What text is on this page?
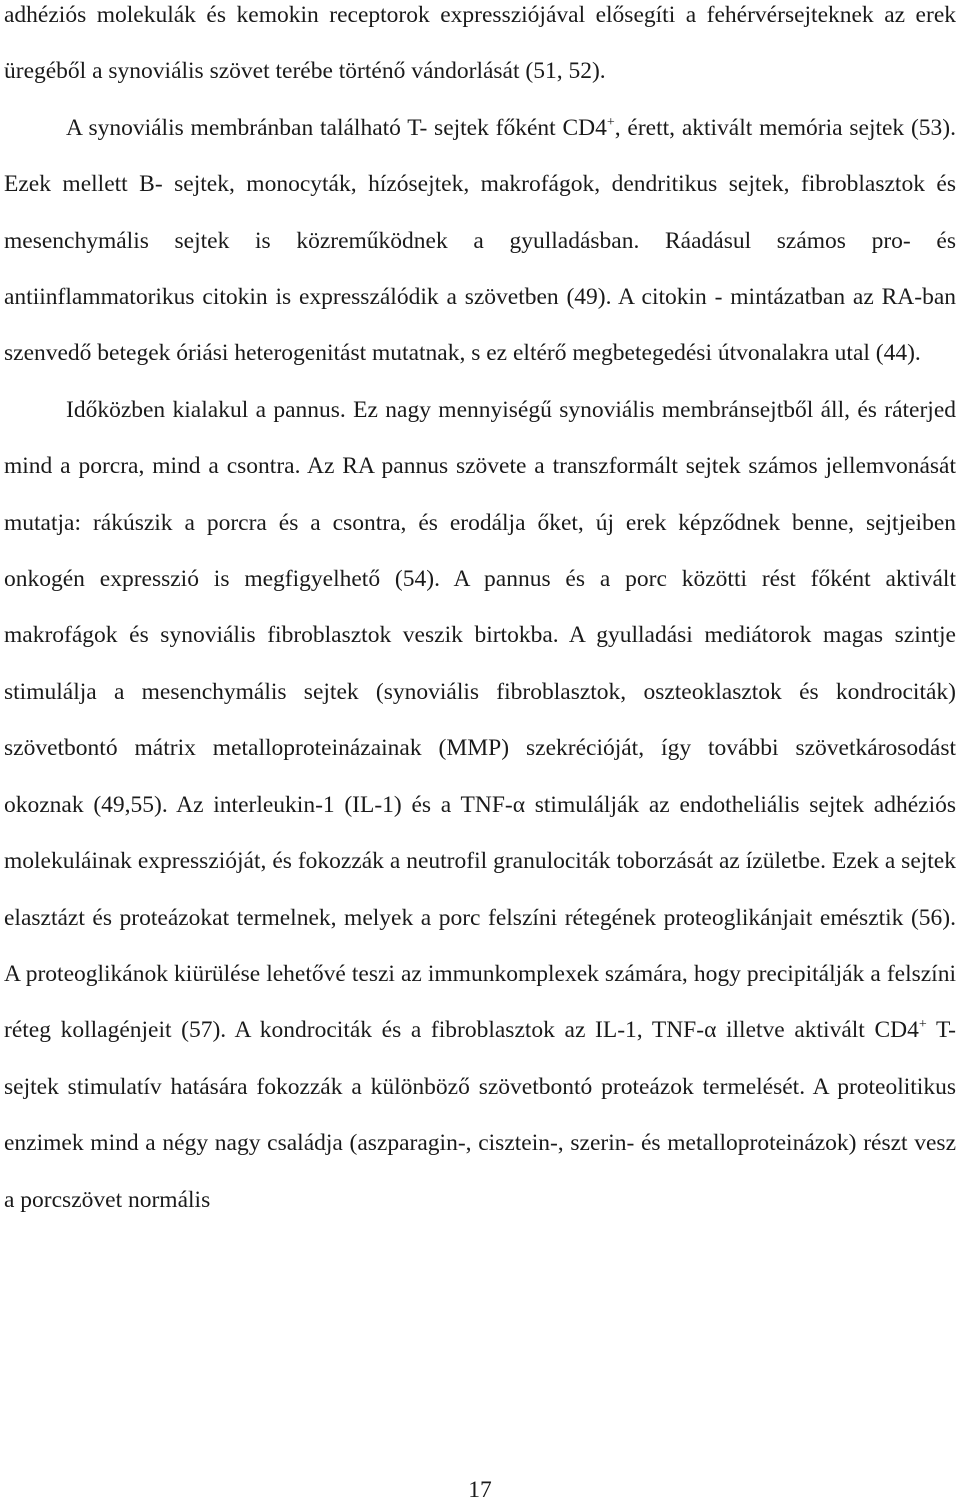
adhéziós molekulák és kemokin receptorok expressziójával elősegíti a fehérvérsejteknek az erek üregéből a synoviális szövet terébe történő vándorlását (51, 52).

A synoviális membránban található T- sejtek főként CD4+, érett, aktivált memória sejtek (53). Ezek mellett B- sejtek, monocyták, hízósejtek, makrofágok, dendritikus sejtek, fibroblasztok és mesenchymális sejtek is közreműködnek a gyulladásban. Ráadásul számos pro- és antiinflammatorikus citokin is expresszálódik a szövetben (49). A citokin - mintázatban az RA-ban szenvedő betegek óriási heterogenitást mutatnak, s ez eltérő megbetegedési útvonalakra utal (44).

Időközben kialakul a pannus. Ez nagy mennyiségű synoviális membránsejtből áll, és ráterjed mind a porcra, mind a csontra. Az RA pannus szövete a transzformált sejtek számos jellemvonását mutatja: rákúszik a porcra és a csontra, és erodálja őket, új erek képződnek benne, sejtjeiben onkogén expresszió is megfigyelhető (54). A pannus és a porc közötti rést főként aktivált makrofágok és synoviális fibroblasztok veszik birtokba. A gyulladási mediátorok magas szintje stimulálja a mesenchymális sejtek (synoviális fibroblasztok, oszteoklasztok és kondrociták) szövetbontó mátrix metalloproteinázainak (MMP) szekrécióját, így további szövetkárosodást okoznak (49,55). Az interleukin-1 (IL-1) és a TNF-α stimulálják az endotheliális sejtek adhéziós molekuláinak expresszióját, és fokozzák a neutrofil granulociták toborzását az ízületbe. Ezek a sejtek elasztázt és proteázokat termelnek, melyek a porc felszíni rétegének proteoglikánjait emésztik (56). A proteoglikánok kiürülése lehetővé teszi az immunkomplexek számára, hogy precipitálják a felszíni réteg kollagénjeit (57). A kondrociták és a fibroblasztok az IL-1, TNF-α illetve aktivált CD4+ T-sejtek stimulatív hatására fokozzák a különböző szövetbontó proteázok termelését. A proteolitikus enzimek mind a négy nagy családja (aszparagin-, cisztein-, szerin- és metalloproteinázok) részt vesz a porcszövet normális

17
